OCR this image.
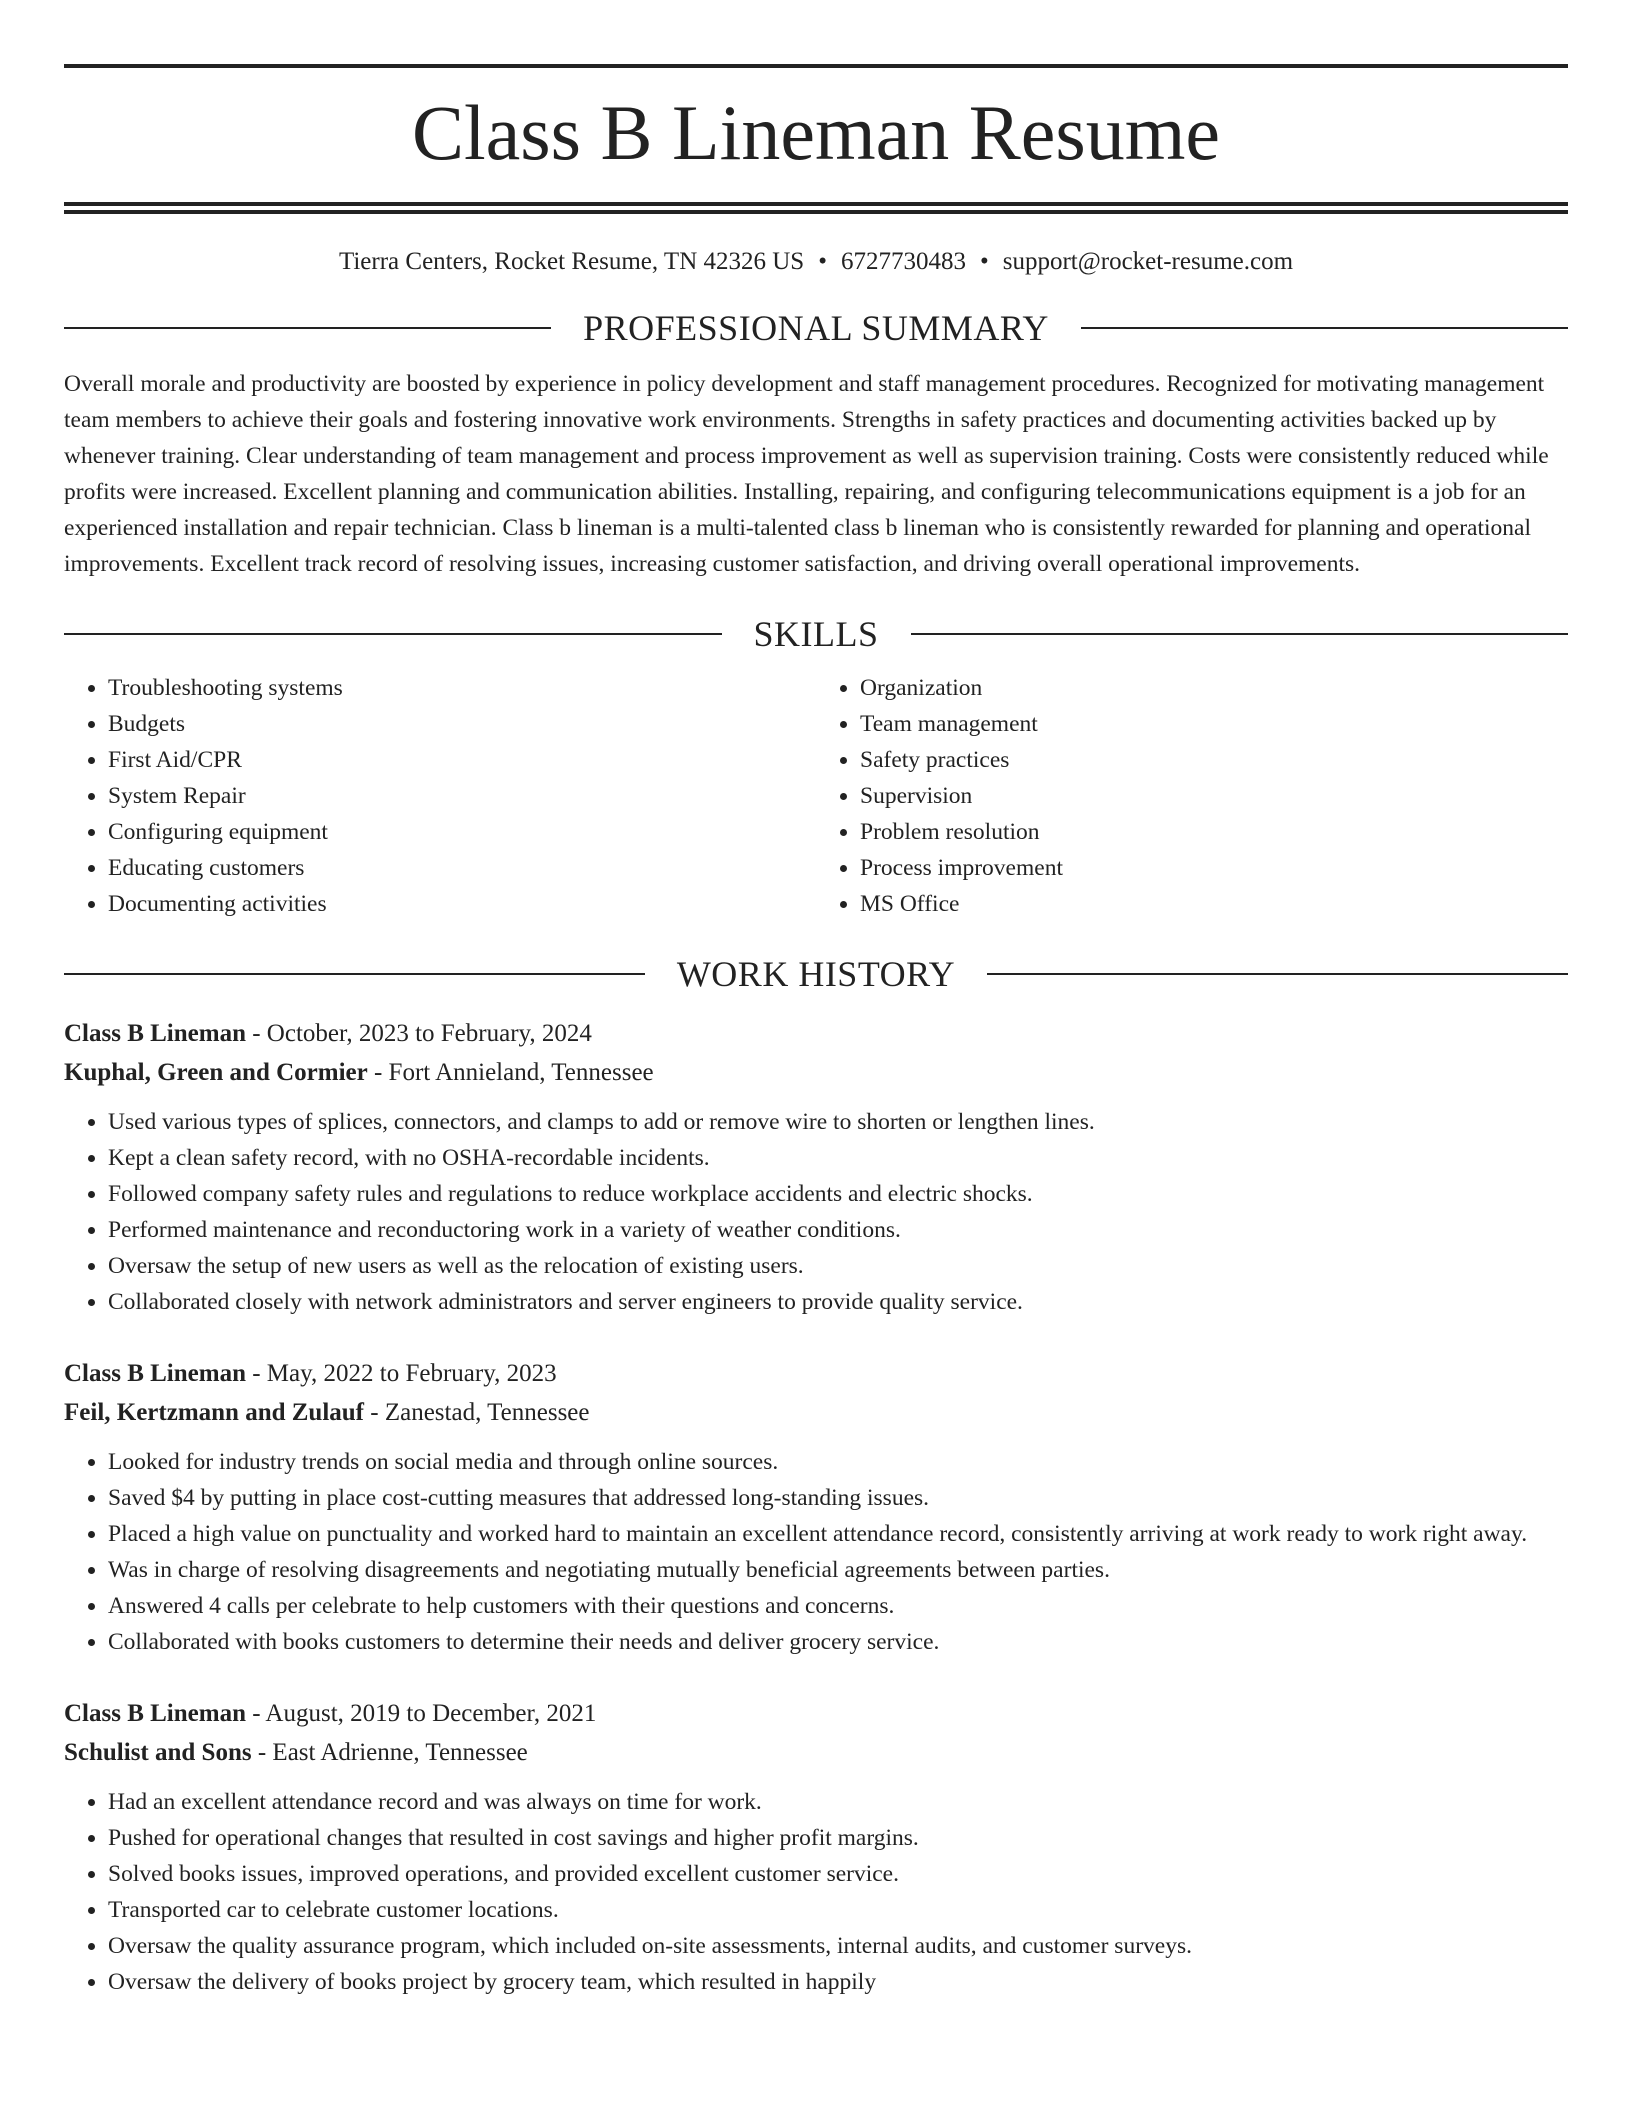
Class B Lineman Resume
Tierra Centers, Rocket Resume, TN 42326 US • 6727730483 • support@rocket-resume.com
PROFESSIONAL SUMMARY

Overall morale and productivity are boosted by experience in policy development and staff management procedures. Recognized for motivating management team members to achieve their goals and fostering innovative work environments. Strengths in safety practices and documenting activities backed up by whenever training. Clear understanding of team management and process improvement as well as supervision training. Costs were consistently reduced while profits were increased. Excellent planning and communication abilities. Installing, repairing, and configuring telecommunications equipment is a job for an experienced installation and repair technician. Class b lineman is a multi-talented class b lineman who is consistently rewarded for planning and operational improvements. Excellent track record of resolving issues, increasing customer satisfaction, and driving overall operational improvements.

SKILLS
• Troubleshooting systems
• Budgets
• First Aid/CPR
• System Repair
• Configuring equipment
• Educating customers
• Documenting activities
• Organization
• Team management
• Safety practices
• Supervision
• Problem resolution
• Process improvement
• MS Office
WORK HISTORY
Class B Lineman - October, 2023 to February, 2024
Kuphal, Green and Cormier - Fort Annieland, Tennessee
• Used various types of splices, connectors, and clamps to add or remove wire to shorten or lengthen lines.
• Kept a clean safety record, with no OSHA-recordable incidents.
• Followed company safety rules and regulations to reduce workplace accidents and electric shocks.
• Performed maintenance and reconductoring work in a variety of weather conditions.
• Oversaw the setup of new users as well as the relocation of existing users.
• Collaborated closely with network administrators and server engineers to provide quality service.
Class B Lineman - May, 2022 to February, 2023
Feil, Kertzmann and Zulauf - Zanestad, Tennessee
• Looked for industry trends on social media and through online sources.
• Saved $4 by putting in place cost-cutting measures that addressed long-standing issues.
• Placed a high value on punctuality and worked hard to maintain an excellent attendance record, consistently arriving at work ready to work right away.
• Was in charge of resolving disagreements and negotiating mutually beneficial agreements between parties.
• Answered 4 calls per celebrate to help customers with their questions and concerns.
• Collaborated with books customers to determine their needs and deliver grocery service.
Class B Lineman - August, 2019 to December, 2021
Schulist and Sons - East Adrienne, Tennessee
• Had an excellent attendance record and was always on time for work.
• Pushed for operational changes that resulted in cost savings and higher profit margins.
• Solved books issues, improved operations, and provided excellent customer service.
• Transported car to celebrate customer locations.
• Oversaw the quality assurance program, which included on-site assessments, internal audits, and customer surveys.
• Oversaw the delivery of books project by grocery team, which resulted in happily
